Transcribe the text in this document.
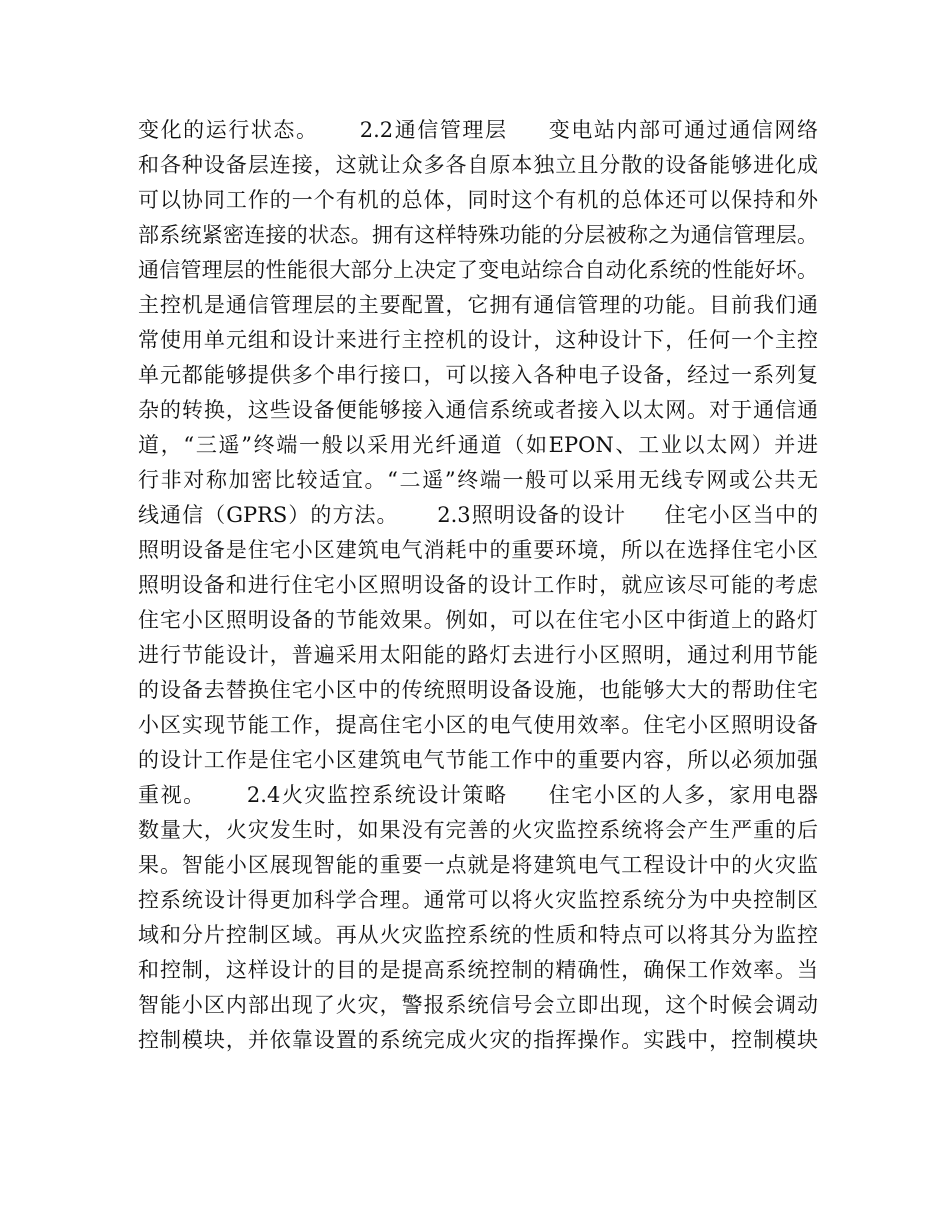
变化的运行状态。     2.2通信管理层     变电站内部可通过通信网络
和各种设备层连接，这就让众多各自原本独立且分散的设备能够进化成
可以协同工作的一个有机的总体，同时这个有机的总体还可以保持和外
部系统紧密连接的状态。拥有这样特殊功能的分层被称之为通信管理层。
通信管理层的性能很大部分上决定了变电站综合自动化系统的性能好坏。
主控机是通信管理层的主要配置，它拥有通信管理的功能。目前我们通
常使用单元组和设计来进行主控机的设计，这种设计下，任何一个主控
单元都能够提供多个串行接口，可以接入各种电子设备，经过一系列复
杂的转换，这些设备便能够接入通信系统或者接入以太网。对于通信通
道，“三遥”终端一般以采用光纤通道（如EPON、工业以太网）并进
行非对称加密比较适宜。“二遥”终端一般可以采用无线专网或公共无
线通信（GPRS）的方法。     2.3照明设备的设计     住宅小区当中的
照明设备是住宅小区建筑电气消耗中的重要环境，所以在选择住宅小区
照明设备和进行住宅小区照明设备的设计工作时，就应该尽可能的考虑
住宅小区照明设备的节能效果。例如，可以在住宅小区中街道上的路灯
进行节能设计，普遍采用太阳能的路灯去进行小区照明，通过利用节能
的设备去替换住宅小区中的传统照明设备设施，也能够大大的帮助住宅
小区实现节能工作，提高住宅小区的电气使用效率。住宅小区照明设备
的设计工作是住宅小区建筑电气节能工作中的重要内容，所以必须加强
重视。     2.4火灾监控系统设计策略     住宅小区的人多，家用电器
数量大，火灾发生时，如果没有完善的火灾监控系统将会产生严重的后
果。智能小区展现智能的重要一点就是将建筑电气工程设计中的火灾监
控系统设计得更加科学合理。通常可以将火灾监控系统分为中央控制区
域和分片控制区域。再从火灾监控系统的性质和特点可以将其分为监控
和控制，这样设计的目的是提高系统控制的精确性，确保工作效率。当
智能小区内部出现了火灾，警报系统信号会立即出现，这个时候会调动
控制模块，并依靠设置的系统完成火灾的指挥操作。实践中，控制模块
